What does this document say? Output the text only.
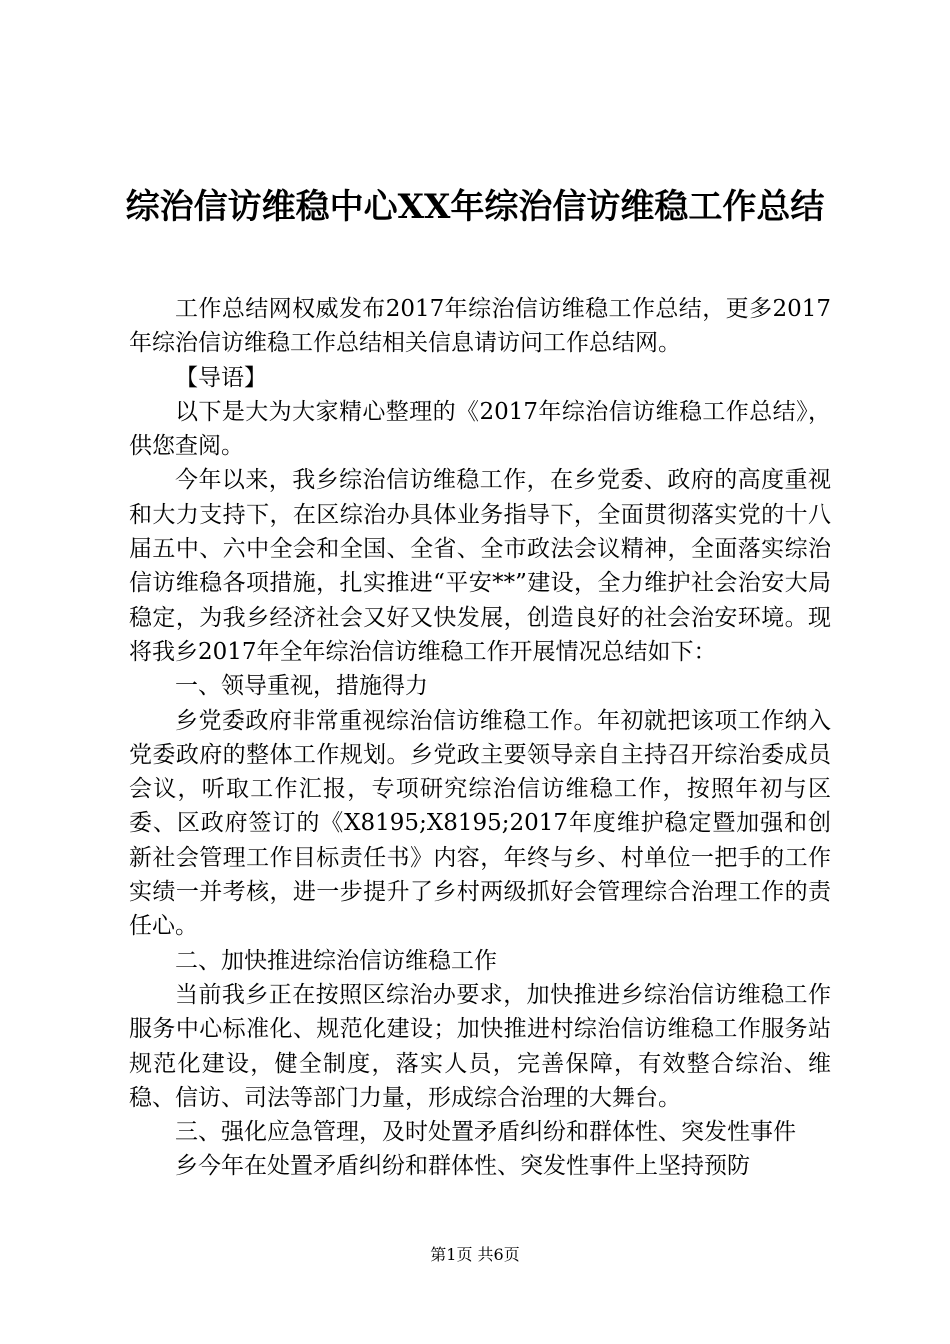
综治信访维稳中心XX年综治信访维稳工作总结

工作总结网权威发布2017年综治信访维稳工作总结，更多2017年综治信访维稳工作总结相关信息请访问工作总结网。

【导语】

以下是大为大家精心整理的《2017年综治信访维稳工作总结》，供您查阅。

今年以来，我乡综治信访维稳工作，在乡党委、政府的高度重视和大力支持下，在区综治办具体业务指导下，全面贯彻落实党的十八届五中、六中全会和全国、全省、全市政法会议精神，全面落实综治信访维稳各项措施，扎实推进“平安**”建设，全力维护社会治安大局稳定，为我乡经济社会又好又快发展，创造良好的社会治安环境。现将我乡2017年全年综治信访维稳工作开展情况总结如下：

一、领导重视，措施得力

乡党委政府非常重视综治信访维稳工作。年初就把该项工作纳入党委政府的整体工作规划。乡党政主要领导亲自主持召开综治委成员会议，听取工作汇报，专项研究综治信访维稳工作，按照年初与区委、区政府签订的《X8195;X8195;2017年度维护稳定暨加强和创新社会管理工作目标责任书》内容，年终与乡、村单位一把手的工作实绩一并考核，进一步提升了乡村两级抓好会管理综合治理工作的责任心。

二、加快推进综治信访维稳工作

当前我乡正在按照区综治办要求，加快推进乡综治信访维稳工作服务中心标准化、规范化建设；加快推进村综治信访维稳工作服务站规范化建设，健全制度，落实人员，完善保障，有效整合综治、维稳、信访、司法等部门力量，形成综合治理的大舞台。

三、强化应急管理，及时处置矛盾纠纷和群体性、突发性事件

乡今年在处置矛盾纠纷和群体性、突发性事件上坚持预防

第1页 共6页
